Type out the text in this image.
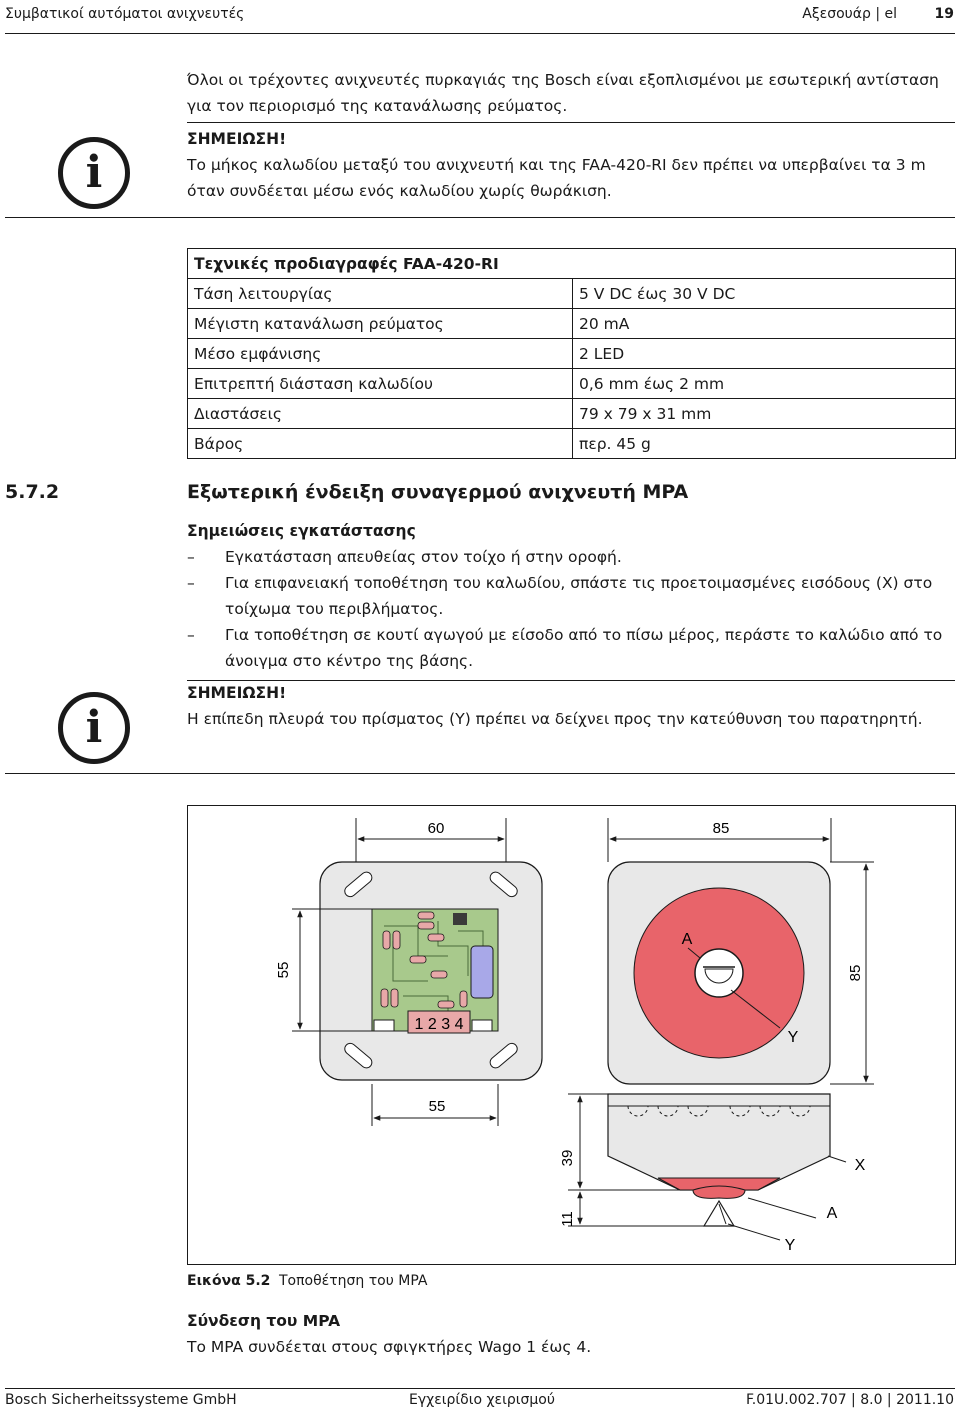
Συμβατικοί αυτόματοι ανιχνευτές	Αξεσουάρ | el	19
Όλοι οι τρέχοντες ανιχνευτές πυρκαγιάς της Bosch είναι εξοπλισμένοι με εσωτερική αντίσταση για τον περιορισμό της κατανάλωσης ρεύματος.
i
ΣΗΜΕΙΩΣΗ!
Το μήκος καλωδίου μεταξύ του ανιχνευτή και της FAA-420-RI δεν πρέπει να υπερβαίνει τα 3 m όταν συνδέεται μέσω ενός καλωδίου χωρίς θωράκιση.
Τεχνικές προδιαγραφές FAA-420-RI	
Τάση λειτουργίας	5 V DC έως 30 V DC
Μέγιστη κατανάλωση ρεύματος	20 mA
Μέσο εμφάνισης	2 LED
Επιτρεπτή διάσταση καλωδίου	0,6 mm έως 2 mm
Διαστάσεις	79 x 79 x 31 mm
Βάρος	περ. 45 g
5.7.2	Εξωτερική ένδειξη συναγερμού ανιχνευτή MPA
Σημειώσεις εγκατάστασης
–	Εγκατάσταση απευθείας στον τοίχο ή στην οροφή.
–	Για επιφανειακή τοποθέτηση του καλωδίου, σπάστε τις προετοιμασμένες εισόδους (X) στο τοίχωμα του περιβλήματος.
–	Για τοποθέτηση σε κουτί αγωγού με είσοδο από το πίσω μέρος, περάστε το καλώδιο από το άνοιγμα στο κέντρο της βάσης.
i
ΣΗΜΕΙΩΣΗ!
Η επίπεδη πλευρά του πρίσματος (Y) πρέπει να δείχνει προς την κατεύθυνση του παρατηρητή.
60	85
1 2 3 4
55
A
Y
85
55
X
A
Y
39
11
Εικόνα 5.2 Τοποθέτηση του MPA
Σύνδεση του MPA
Το MPA συνδέεται στους σφιγκτήρες Wago 1 έως 4.
Bosch Sicherheitssysteme GmbH	Εγχειρίδιο χειρισμού	F.01U.002.707 | 8.0 | 2011.10
